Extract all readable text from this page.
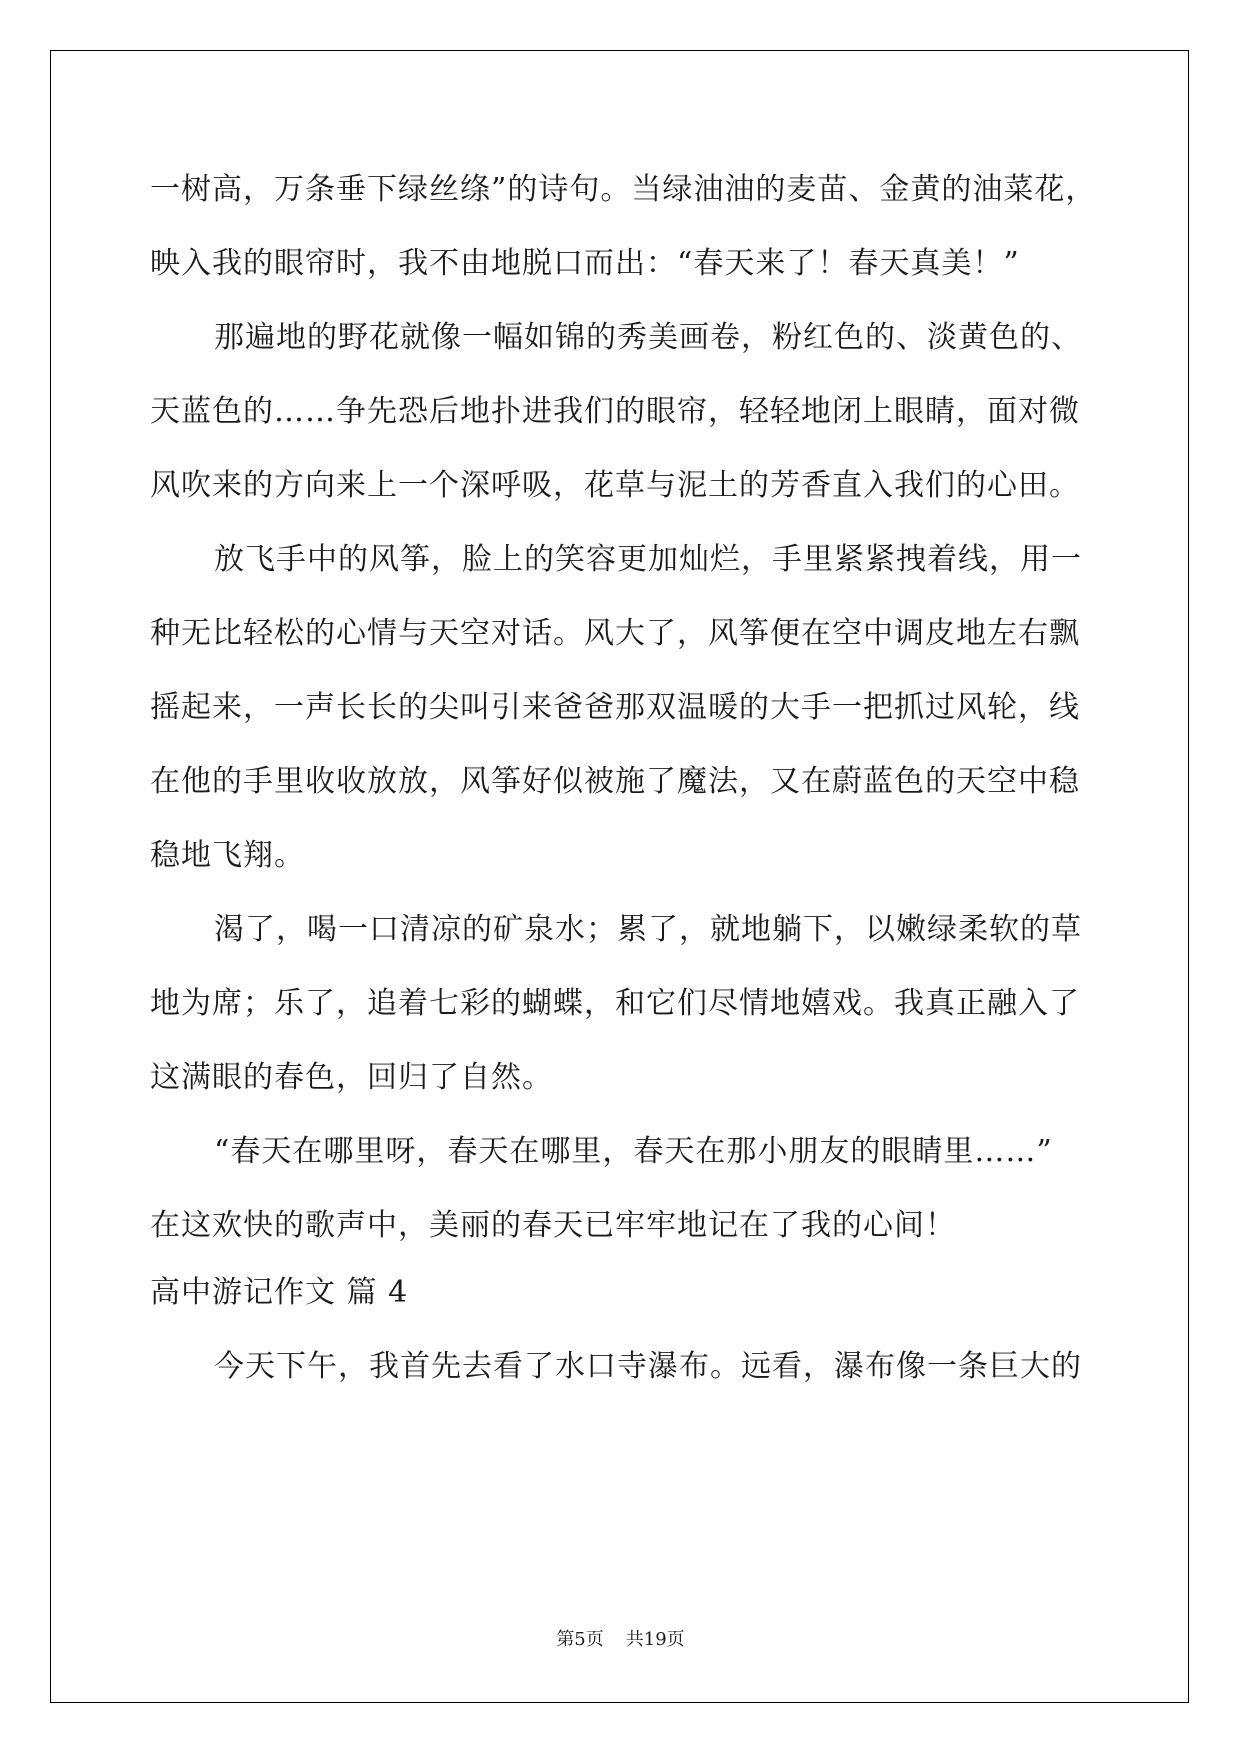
一树高，万条垂下绿丝绦”的诗句。当绿油油的麦苗、金黄的油菜花，
映入我的眼帘时，我不由地脱口而出：“春天来了！春天真美！”
那遍地的野花就像一幅如锦的秀美画卷，粉红色的、淡黄色的、
天蓝色的……争先恐后地扑进我们的眼帘，轻轻地闭上眼睛，面对微
风吹来的方向来上一个深呼吸，花草与泥土的芳香直入我们的心田。
放飞手中的风筝，脸上的笑容更加灿烂，手里紧紧拽着线，用一
种无比轻松的心情与天空对话。风大了，风筝便在空中调皮地左右飘
摇起来，一声长长的尖叫引来爸爸那双温暖的大手一把抓过风轮，线
在他的手里收收放放，风筝好似被施了魔法，又在蔚蓝色的天空中稳
稳地飞翔。
渴了，喝一口清凉的矿泉水；累了，就地躺下，以嫩绿柔软的草
地为席；乐了，追着七彩的蝴蝶，和它们尽情地嬉戏。我真正融入了
这满眼的春色，回归了自然。
“春天在哪里呀，春天在哪里，春天在那小朋友的眼睛里……”
在这欢快的歌声中，美丽的春天已牢牢地记在了我的心间！
高中游记作文 篇 4
今天下午，我首先去看了水口寺瀑布。远看，瀑布像一条巨大的
第5页 共19页
